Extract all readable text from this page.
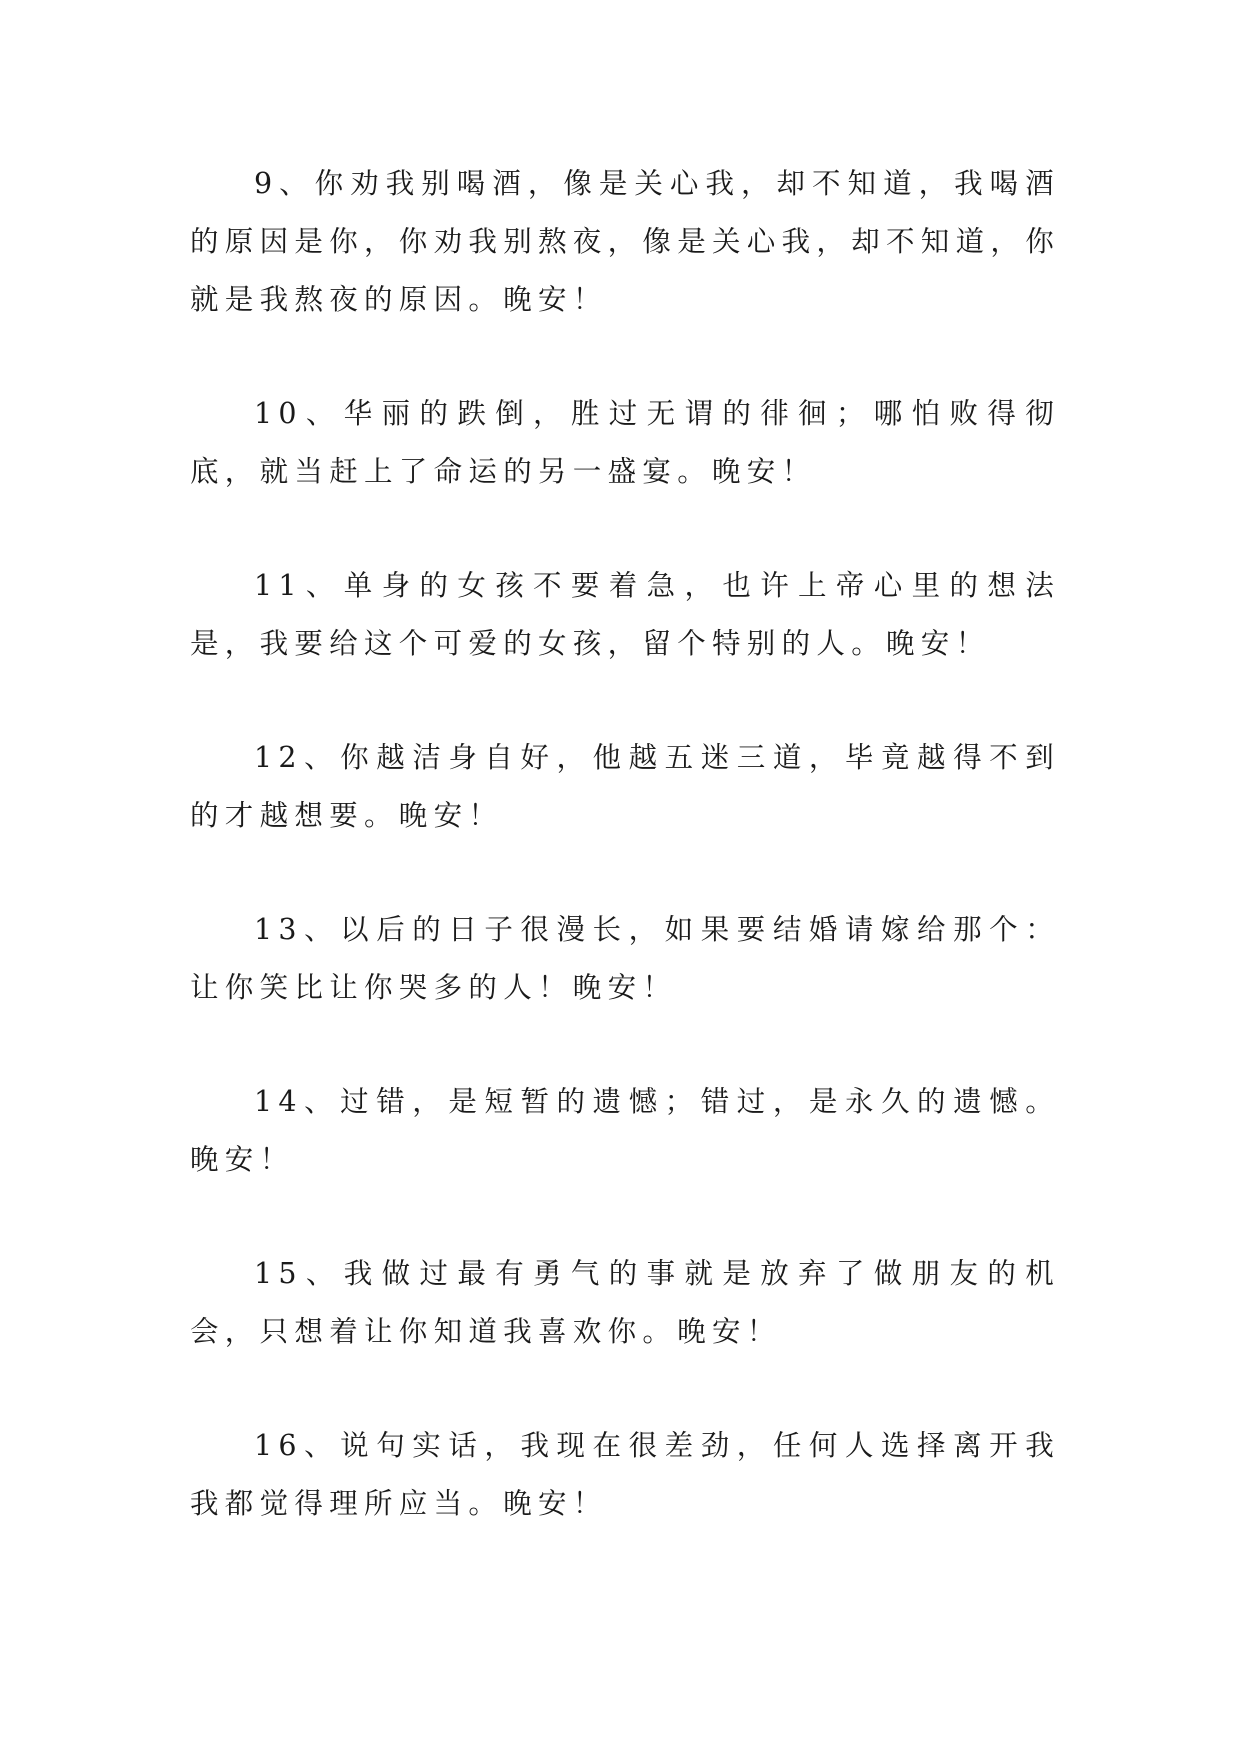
9、你劝我别喝酒，像是关心我，却不知道，我喝酒的原因是你，你劝我别熬夜，像是关心我，却不知道，你就是我熬夜的原因。晚安！

10、华丽的跌倒，胜过无谓的徘徊；哪怕败得彻底，就当赶上了命运的另一盛宴。晚安！

11、单身的女孩不要着急，也许上帝心里的想法是，我要给这个可爱的女孩，留个特别的人。晚安！

12、你越洁身自好，他越五迷三道，毕竟越得不到的才越想要。晚安！

13、以后的日子很漫长，如果要结婚请嫁给那个：让你笑比让你哭多的人！晚安！

14、过错，是短暂的遗憾；错过，是永久的遗憾。晚安！

15、我做过最有勇气的事就是放弃了做朋友的机会，只想着让你知道我喜欢你。晚安！

16、说句实话，我现在很差劲，任何人选择离开我我都觉得理所应当。晚安！
